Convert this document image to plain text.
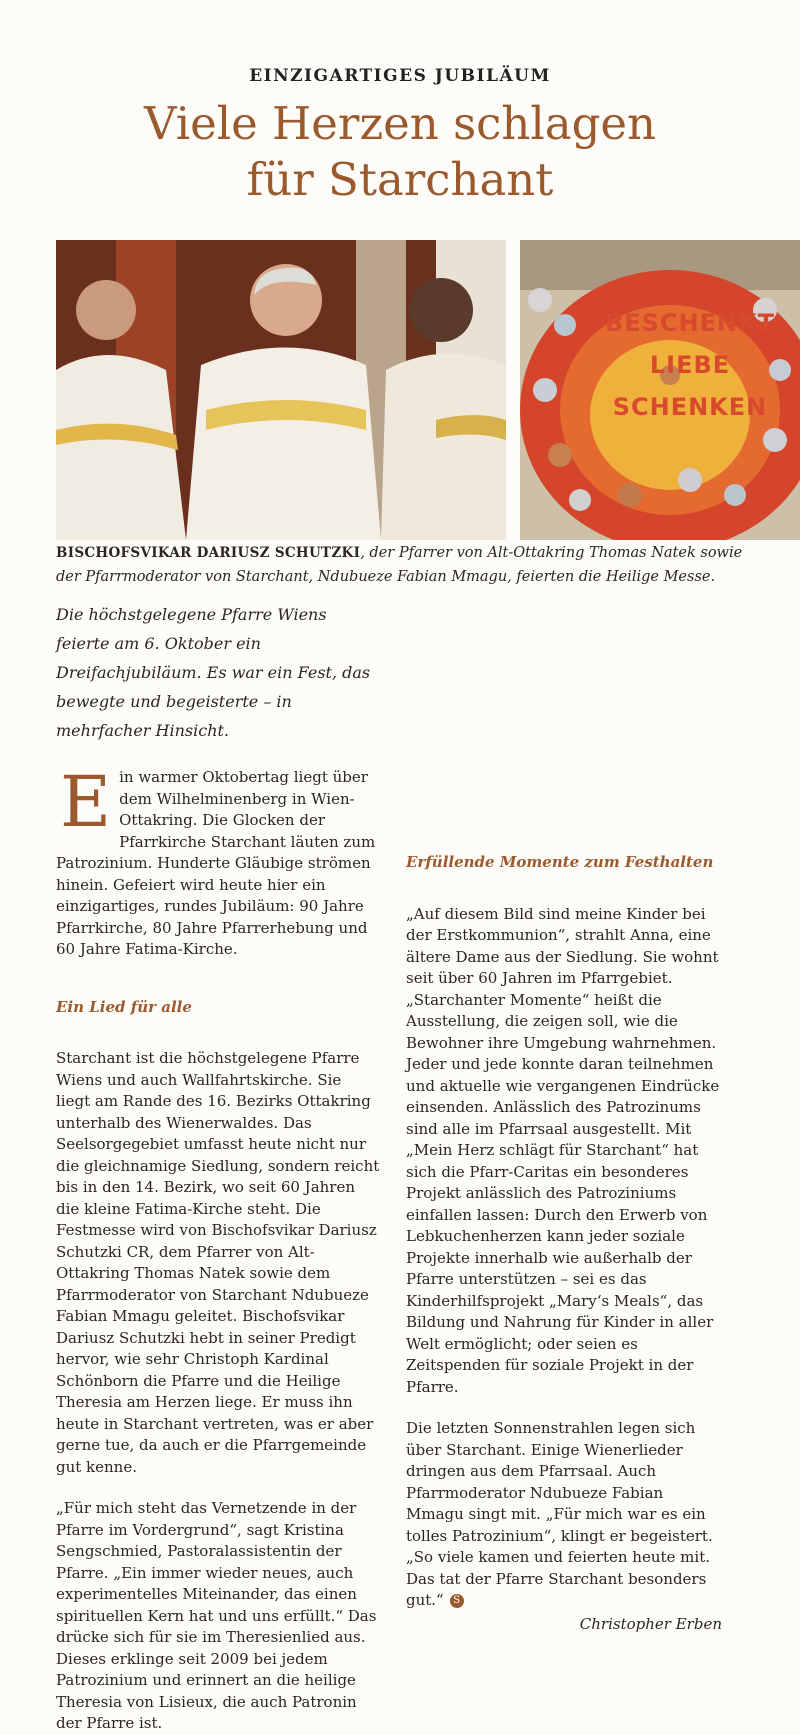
EINZIGARTIGES JUBILÄUM
Viele Herzen schlagen
für Starchant
BESCHENKT
LIEBE
SCHENKEN
BISCHOFSVIKAR DARIUSZ SCHUTZKI, der Pfarrer von Alt-Ottakring Thomas Natek sowie der Pfarrmoderator von Starchant, Ndubueze Fabian Mmagu, feierten die Heilige Messe.

Die höchstgelegene Pfarre Wiens feierte am 6. Oktober ein Dreifachjubiläum. Es war ein Fest, das bewegte und begeisterte – in mehrfacher Hinsicht.

Ein warmer Oktobertag liegt über dem Wilhelminenberg in Wien-Ottakring. Die Glocken der Pfarrkirche Starchant läuten zum Patrozinium. Hunderte Gläubige strömen hinein. Gefeiert wird heute hier ein einzigartiges, rundes Jubiläum: 90 Jahre Pfarrkirche, 80 Jahre Pfarrerhebung und 60 Jahre Fatima-Kirche.

Ein Lied für alle

Starchant ist die höchstgelegene Pfarre Wiens und auch Wallfahrtskirche. Sie liegt am Rande des 16. Bezirks Ottakring unterhalb des Wienerwaldes. Das Seelsorgegebiet umfasst heute nicht nur die gleichnamige Siedlung, sondern reicht bis in den 14. Bezirk, wo seit 60 Jahren die kleine Fatima-Kirche steht. Die Festmesse wird von Bischofsvikar Dariusz Schutzki CR, dem Pfarrer von Alt-Ottakring Thomas Natek sowie dem Pfarrmoderator von Starchant Ndubueze Fabian Mmagu geleitet. Bischofsvikar Dariusz Schutzki hebt in seiner Predigt hervor, wie sehr Christoph Kardinal Schönborn die Pfarre und die Heilige Theresia am Herzen liege. Er muss ihn heute in Starchant vertreten, was er aber gerne tue, da auch er die Pfarrgemeinde gut kenne.

„Für mich steht das Vernetzende in der Pfarre im Vordergrund“, sagt Kristina Sengschmied, Pastoralassistentin der Pfarre. „Ein immer wieder neues, auch experimentelles Miteinander, das einen spirituellen Kern hat und uns erfüllt.“ Das drücke sich für sie im Theresienlied aus. Dieses erklinge seit 2009 bei jedem Patrozinium und erinnert an die heilige Theresia von Lisieux, die auch Patronin der Pfarre ist.

Erfüllende Momente zum Festhalten

„Auf diesem Bild sind meine Kinder bei der Erstkommunion“, strahlt Anna, eine ältere Dame aus der Siedlung. Sie wohnt seit über 60 Jahren im Pfarrgebiet. „Starchanter Momente“ heißt die Ausstellung, die zeigen soll, wie die Bewohner ihre Umgebung wahrnehmen. Jeder und jede konnte daran teilnehmen und aktuelle wie vergangenen Eindrücke einsenden. Anlässlich des Patrozinums sind alle im Pfarrsaal ausgestellt. Mit „Mein Herz schlägt für Starchant“ hat sich die Pfarr-Caritas ein besonderes Projekt anlässlich des Patroziniums einfallen lassen: Durch den Erwerb von Lebkuchenherzen kann jeder soziale Projekte innerhalb wie außerhalb der Pfarre unterstützen – sei es das Kinderhilfsprojekt „Mary‘s Meals“, das Bildung und Nahrung für Kinder in aller Welt ermöglicht; oder seien es Zeitspenden für soziale Projekt in der Pfarre.

Die letzten Sonnenstrahlen legen sich über Starchant. Einige Wienerlieder dringen aus dem Pfarrsaal. Auch Pfarrmoderator Ndubueze Fabian Mmagu singt mit. „Für mich war es ein tolles Patrozinium“, klingt er begeistert. „So viele kamen und feierten heute mit. Das tat der Pfarre Starchant besonders gut.“ S

Christopher Erben
